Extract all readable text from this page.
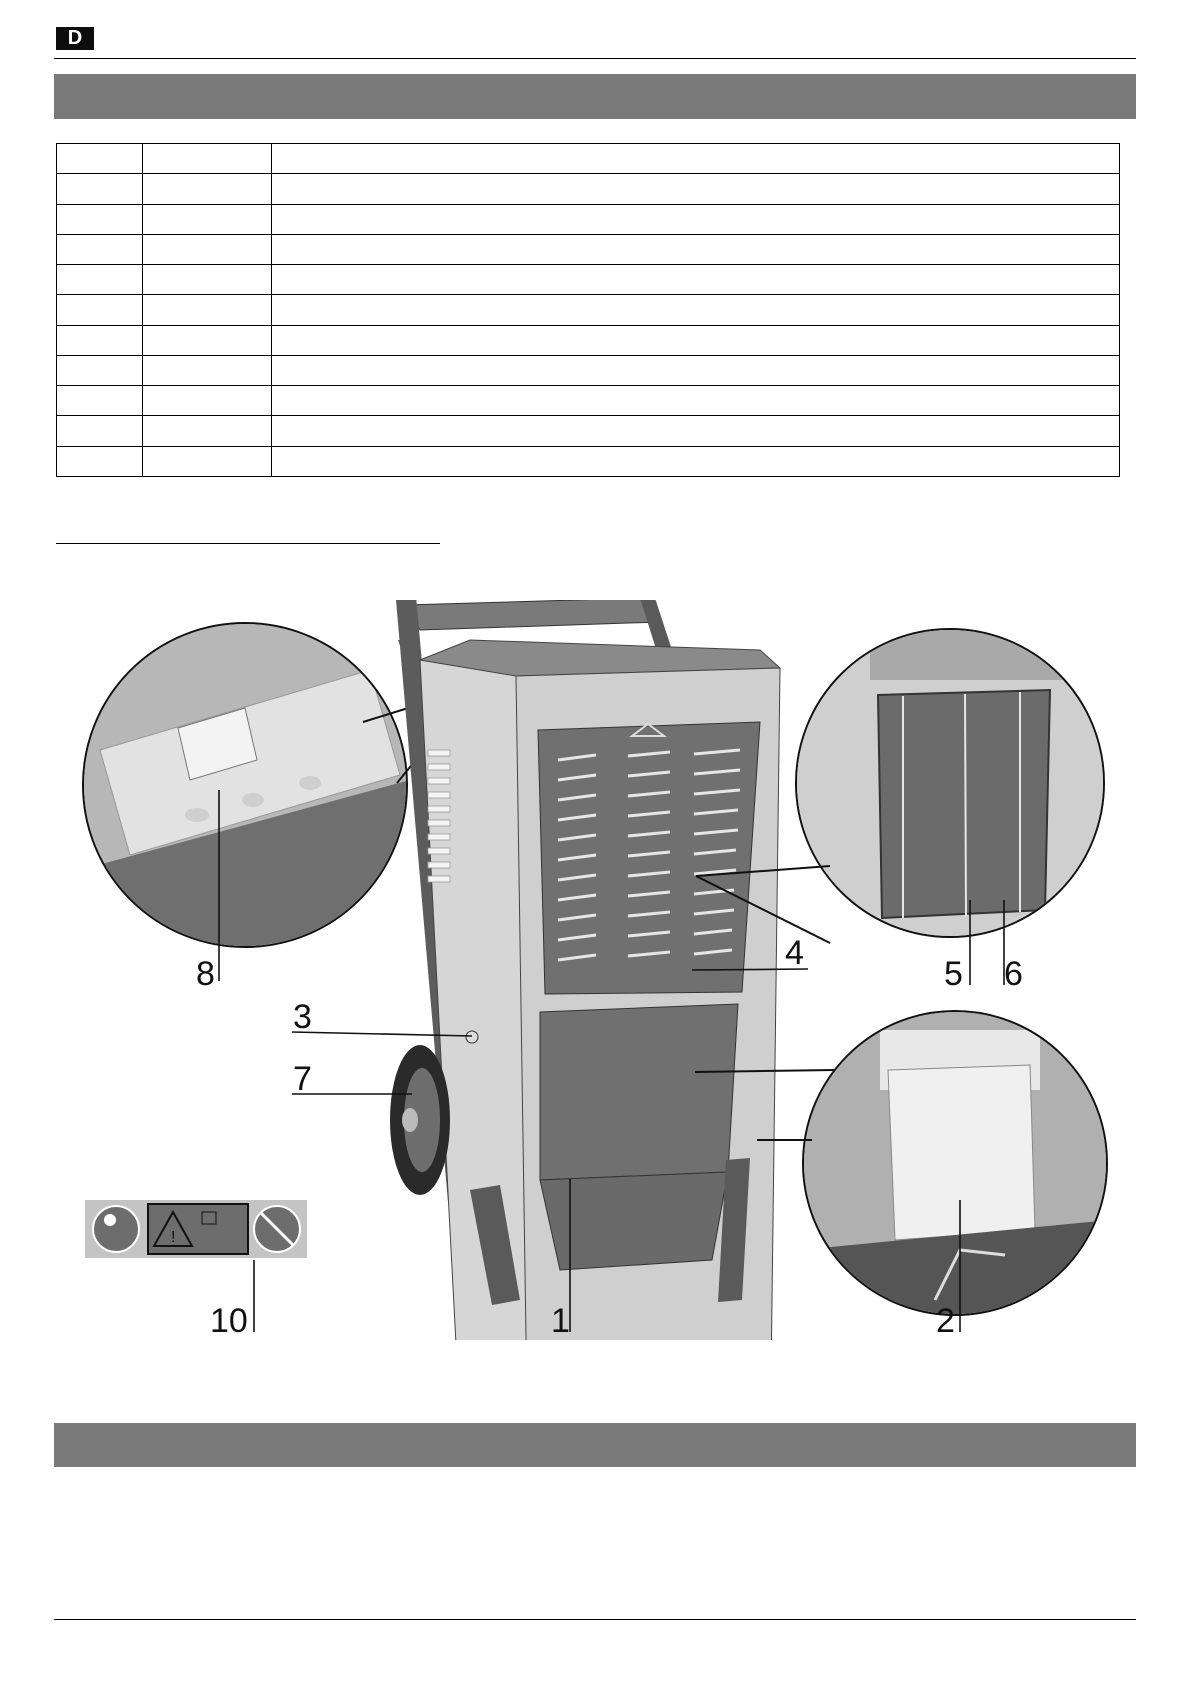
D

!
8
3
7
4
5 6
10	1	2
